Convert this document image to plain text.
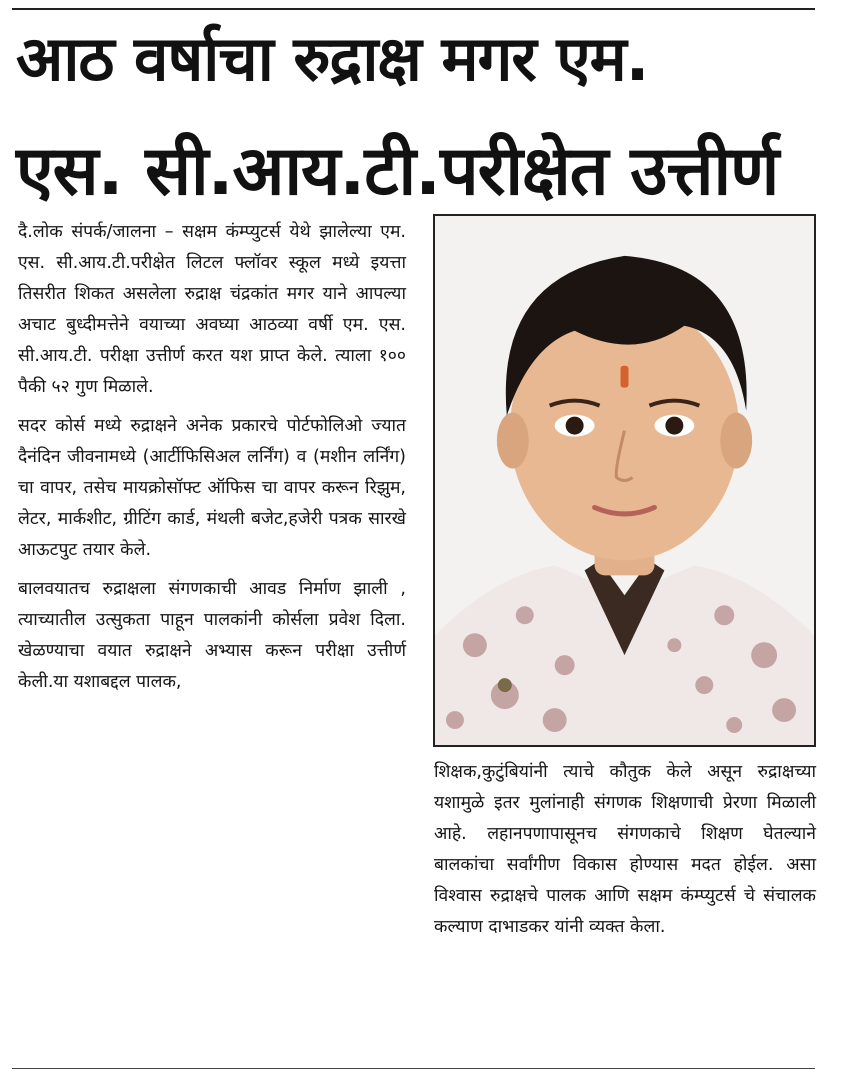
आठ वर्षाचा रुद्राक्ष मगर एम.
एस. सी.आय.टी.परीक्षेत उत्तीर्ण

दै.लोक संपर्क/जालना – सक्षम कंम्प्युटर्स येथे झालेल्या एम. एस. सी.आय.टी.परीक्षेत लिटल फ्लॉवर स्कूल मध्ये इयत्ता तिसरीत शिकत असलेला रुद्राक्ष चंद्रकांत मगर याने आपल्या अचाट बुध्दीमत्तेने वयाच्या अवघ्या आठव्या वर्षी एम. एस. सी.आय.टी. परीक्षा उत्तीर्ण करत यश प्राप्त केले. त्याला १०० पैकी ५२ गुण मिळाले.

सदर कोर्स मध्ये रुद्राक्षने अनेक प्रकारचे पोर्टफोलिओ ज्यात दैनंदिन जीवनामध्ये (आर्टीफिसिअल लर्निंग) व (मशीन लर्निंग) चा वापर, तसेच मायक्रोसॉफ्ट ऑफिस चा वापर करून रिझुम, लेटर, मार्कशीट, ग्रीटिंग कार्ड, मंथली बजेट,हजेरी पत्रक सारखे आऊटपुट तयार केले.

बालवयातच रुद्राक्षला संगणकाची आवड निर्माण झाली , त्याच्यातील उत्सुकता पाहून पालकांनी कोर्सला प्रवेश दिला. खेळण्याचा वयात रुद्राक्षने अभ्यास करून परीक्षा उत्तीर्ण केली.या यशाबद्दल पालक,

शिक्षक,कुटुंबियांनी त्याचे कौतुक केले असून रुद्राक्षच्या यशामुळे इतर मुलांनाही संगणक शिक्षणाची प्रेरणा मिळाली आहे. लहानपणापासूनच संगणकाचे शिक्षण घेतल्याने बालकांचा सर्वांगीण विकास होण्यास मदत होईल. असा विश्वास रुद्राक्षचे पालक आणि सक्षम कंम्प्युटर्स चे संचालक कल्याण दाभाडकर यांनी व्यक्त केला.
